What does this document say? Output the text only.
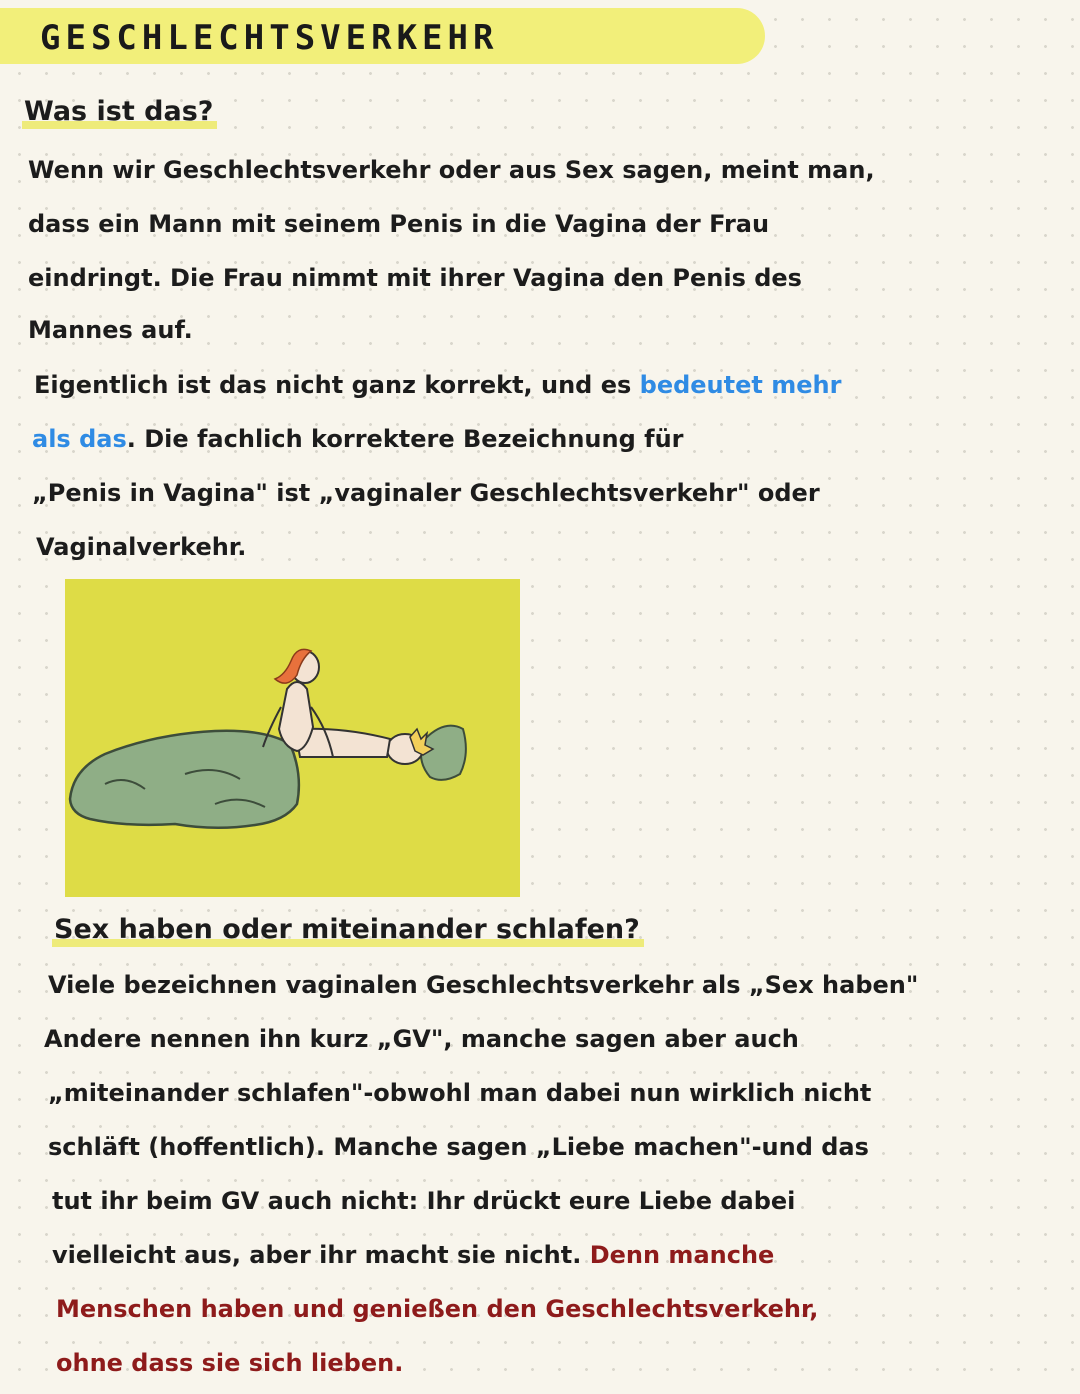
GESCHLECHTSVERKEHR
Was ist das?
Wenn wir Geschlechtsverkehr oder aus Sex sagen, meint man,
dass ein Mann mit seinem Penis in die Vagina der Frau
eindringt. Die Frau nimmt mit ihrer Vagina den Penis des
Mannes auf.
Eigentlich ist das nicht ganz korrekt, und es bedeutet mehr
als das. Die fachlich korrektere Bezeichnung für
„Penis in Vagina" ist „vaginaler Geschlechtsverkehr" oder
Vaginalverkehr.
Sex haben oder miteinander schlafen?
Viele bezeichnen vaginalen Geschlechtsverkehr als „Sex haben"
Andere nennen ihn kurz „GV", manche sagen aber auch
„miteinander schlafen"-obwohl man dabei nun wirklich nicht
schläft (hoffentlich). Manche sagen „Liebe machen"-und das
tut ihr beim GV auch nicht: Ihr drückt eure Liebe dabei
vielleicht aus, aber ihr macht sie nicht. Denn manche
Menschen haben und genießen den Geschlechtsverkehr,
ohne dass sie sich lieben.
